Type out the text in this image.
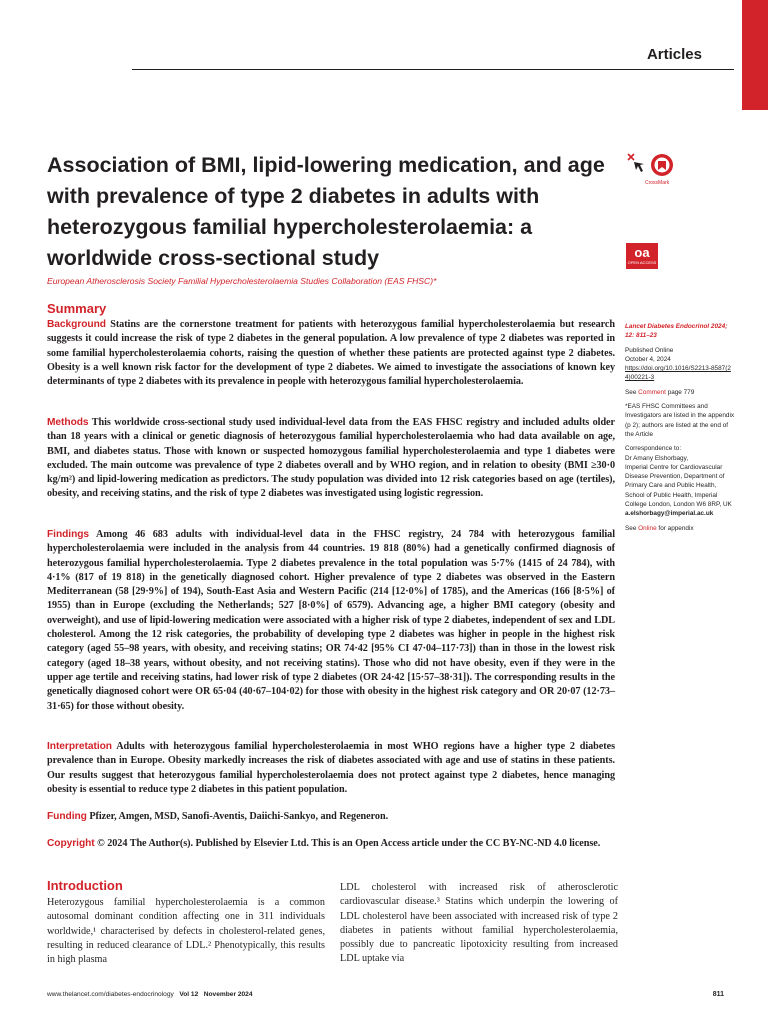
Articles
Association of BMI, lipid-lowering medication, and age with prevalence of type 2 diabetes in adults with heterozygous familial hypercholesterolaemia: a worldwide cross-sectional study
CrossMark
oa
OPEN ACCESS
European Atherosclerosis Society Familial Hypercholesterolaemia Studies Collaboration (EAS FHSC)*
Summary

Background Statins are the cornerstone treatment for patients with heterozygous familial hypercholesterolaemia but research suggests it could increase the risk of type 2 diabetes in the general population. A low prevalence of type 2 diabetes was reported in some familial hypercholesterolaemia cohorts, raising the question of whether these patients are protected against type 2 diabetes. Obesity is a well known risk factor for the development of type 2 diabetes. We aimed to investigate the associations of known key determinants of type 2 diabetes with its prevalence in people with heterozygous familial hypercholesterolaemia.

Methods This worldwide cross-sectional study used individual-level data from the EAS FHSC registry and included adults older than 18 years with a clinical or genetic diagnosis of heterozygous familial hypercholesterolaemia who had data available on age, BMI, and diabetes status. Those with known or suspected homozygous familial hypercholesterolaemia and type 1 diabetes were excluded. The main outcome was prevalence of type 2 diabetes overall and by WHO region, and in relation to obesity (BMI ≥30·0 kg/m²) and lipid-lowering medication as predictors. The study population was divided into 12 risk categories based on age (tertiles), obesity, and receiving statins, and the risk of type 2 diabetes was investigated using logistic regression.

Findings Among 46 683 adults with individual-level data in the FHSC registry, 24 784 with heterozygous familial hypercholesterolaemia were included in the analysis from 44 countries. 19 818 (80%) had a genetically confirmed diagnosis of heterozygous familial hypercholesterolaemia. Type 2 diabetes prevalence in the total population was 5·7% (1415 of 24 784), with 4·1% (817 of 19 818) in the genetically diagnosed cohort. Higher prevalence of type 2 diabetes was observed in the Eastern Mediterranean (58 [29·9%] of 194), South-East Asia and Western Pacific (214 [12·0%] of 1785), and the Americas (166 [8·5%] of 1955) than in Europe (excluding the Netherlands; 527 [8·0%] of 6579). Advancing age, a higher BMI category (obesity and overweight), and use of lipid-lowering medication were associated with a higher risk of type 2 diabetes, independent of sex and LDL cholesterol. Among the 12 risk categories, the probability of developing type 2 diabetes was higher in people in the highest risk category (aged 55–98 years, with obesity, and receiving statins; OR 74·42 [95% CI 47·04–117·73]) than in those in the lowest risk category (aged 18–38 years, without obesity, and not receiving statins). Those who did not have obesity, even if they were in the upper age tertile and receiving statins, had lower risk of type 2 diabetes (OR 24·42 [15·57–38·31]). The corresponding results in the genetically diagnosed cohort were OR 65·04 (40·67–104·02) for those with obesity in the highest risk category and OR 20·07 (12·73–31·65) for those without obesity.

Interpretation Adults with heterozygous familial hypercholesterolaemia in most WHO regions have a higher type 2 diabetes prevalence than in Europe. Obesity markedly increases the risk of diabetes associated with age and use of statins in these patients. Our results suggest that heterozygous familial hypercholesterolaemia does not protect against type 2 diabetes, hence managing obesity is essential to reduce type 2 diabetes in this patient population.

Funding Pfizer, Amgen, MSD, Sanofi-Aventis, Daiichi-Sankyo, and Regeneron.

Copyright © 2024 The Author(s). Published by Elsevier Ltd. This is an Open Access article under the CC BY-NC-ND 4.0 license.

Lancet Diabetes Endocrinol 2024; 12: 811–23

Published Online
October 4, 2024
https://doi.org/10.1016/S2213-8587(24)00221-3

See Comment page 779

*EAS FHSC Committees and Investigators are listed in the appendix (p 2); authors are listed at the end of the Article

Correspondence to:
Dr Amany Elshorbagy,
Imperial Centre for Cardiovascular Disease Prevention, Department of Primary Care and Public Health, School of Public Health, Imperial College London, London W6 8RP, UK
a.elshorbagy@imperial.ac.uk

See Online for appendix

Introduction

Heterozygous familial hypercholesterolaemia is a common autosomal dominant condition affecting one in 311 individuals worldwide,¹ characterised by defects in cholesterol-related genes, resulting in reduced clearance of LDL.² Phenotypically, this results in high plasma

LDL cholesterol with increased risk of atherosclerotic cardiovascular disease.³ Statins which underpin the lowering of LDL cholesterol have been associated with increased risk of type 2 diabetes in patients without familial hypercholesterolaemia, possibly due to pancreatic lipotoxicity resulting from increased LDL uptake via

www.thelancet.com/diabetes-endocrinology Vol 12 November 2024	811
